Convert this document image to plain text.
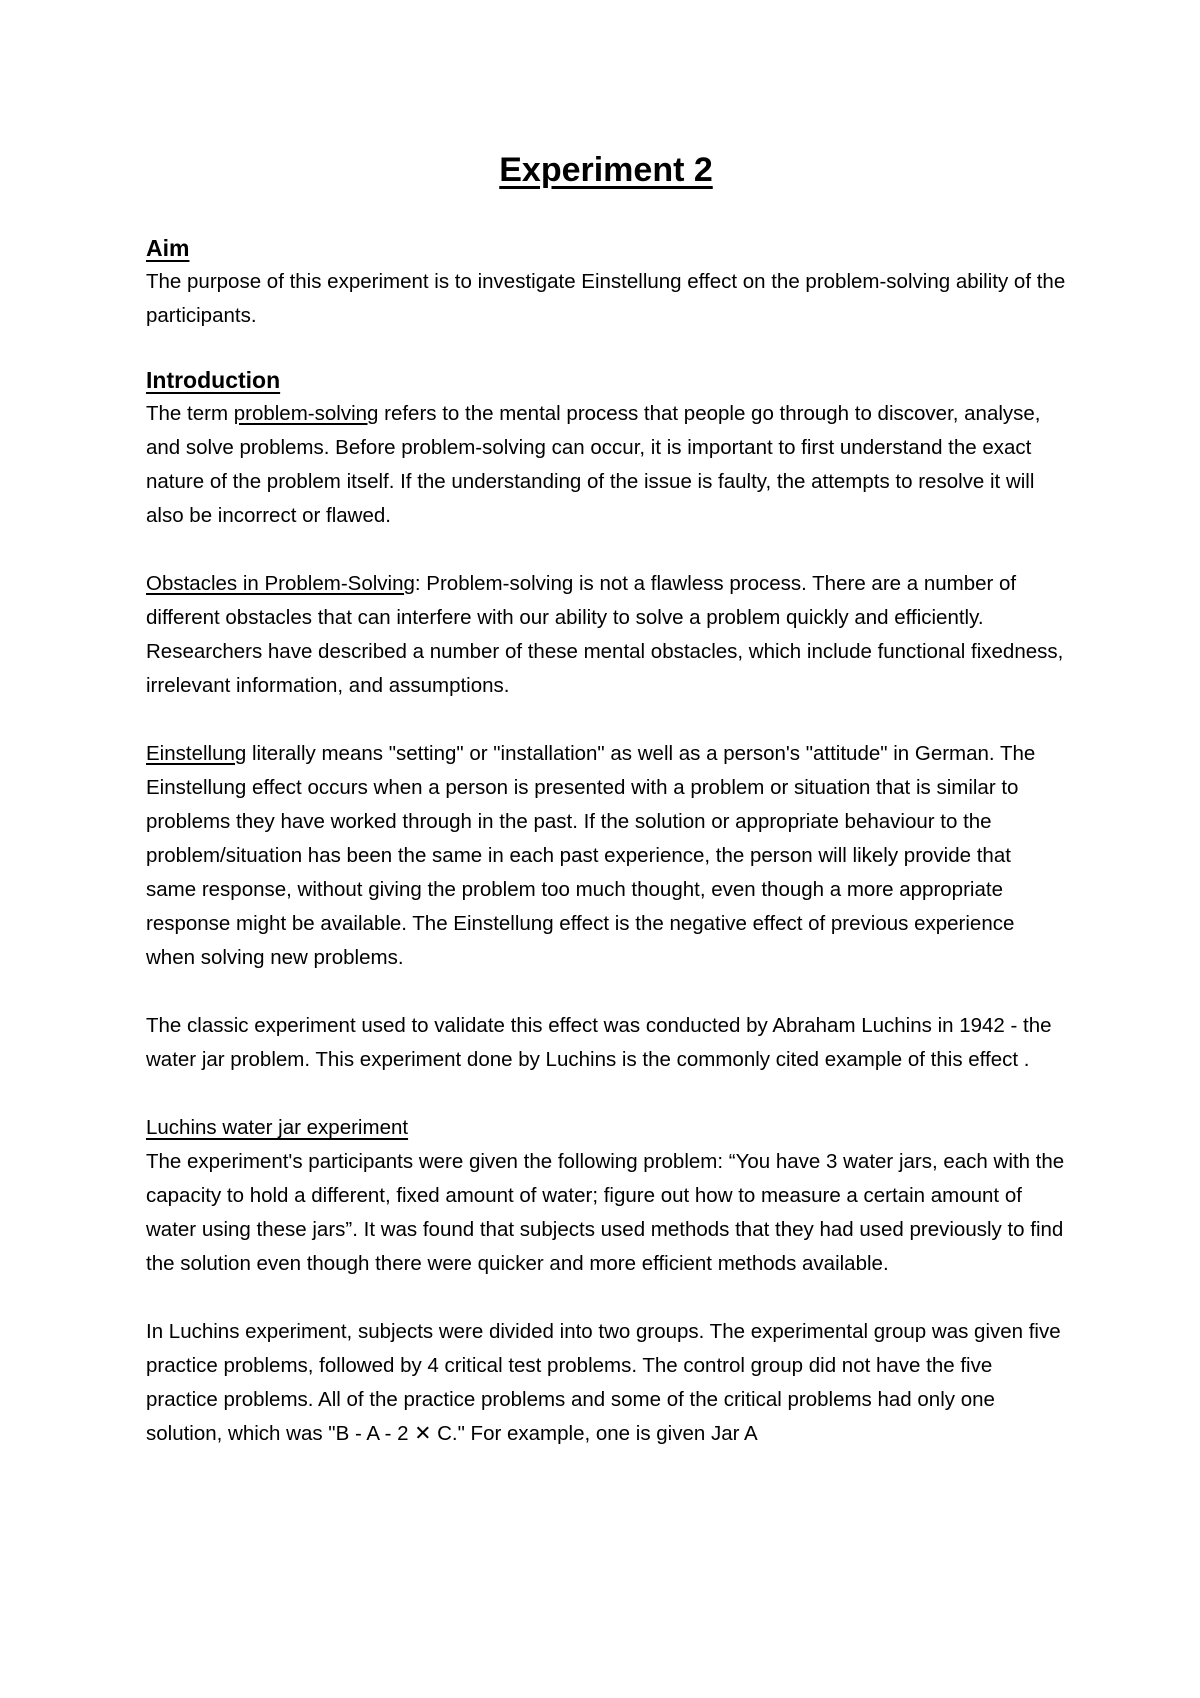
Experiment 2
Aim

The purpose of this experiment is to investigate Einstellung effect on the problem-solving ability of the participants.

Introduction

The term problem-solving refers to the mental process that people go through to discover, analyse, and solve problems. Before problem-solving can occur, it is important to first understand the exact nature of the problem itself. If the understanding of the issue is faulty, the attempts to resolve it will also be incorrect or flawed.

Obstacles in Problem-Solving: Problem-solving is not a flawless process. There are a number of different obstacles that can interfere with our ability to solve a problem quickly and efficiently. Researchers have described a number of these mental obstacles, which include functional fixedness, irrelevant information, and assumptions.

Einstellung literally means "setting" or "installation" as well as a person's "attitude" in German. The Einstellung effect occurs when a person is presented with a problem or situation that is similar to problems they have worked through in the past. If the solution or appropriate behaviour to the problem/situation has been the same in each past experience, the person will likely provide that same response, without giving the problem too much thought, even though a more appropriate response might be available. The Einstellung effect is the negative effect of previous experience when solving new problems.

The classic experiment used to validate this effect was conducted by Abraham Luchins in 1942 - the water jar problem. This experiment done by Luchins is the commonly cited example of this effect .

Luchins water jar experiment

The experiment's participants were given the following problem: “You have 3 water jars, each with the capacity to hold a different, fixed amount of water; figure out how to measure a certain amount of water using these jars”. It was found that subjects used methods that they had used previously to find the solution even though there were quicker and more efficient methods available.

In Luchins experiment, subjects were divided into two groups. The experimental group was given five practice problems, followed by 4 critical test problems. The control group did not have the five practice problems. All of the practice problems and some of the critical problems had only one solution, which was "B - A - 2 ✕ C." For example, one is given Jar A
